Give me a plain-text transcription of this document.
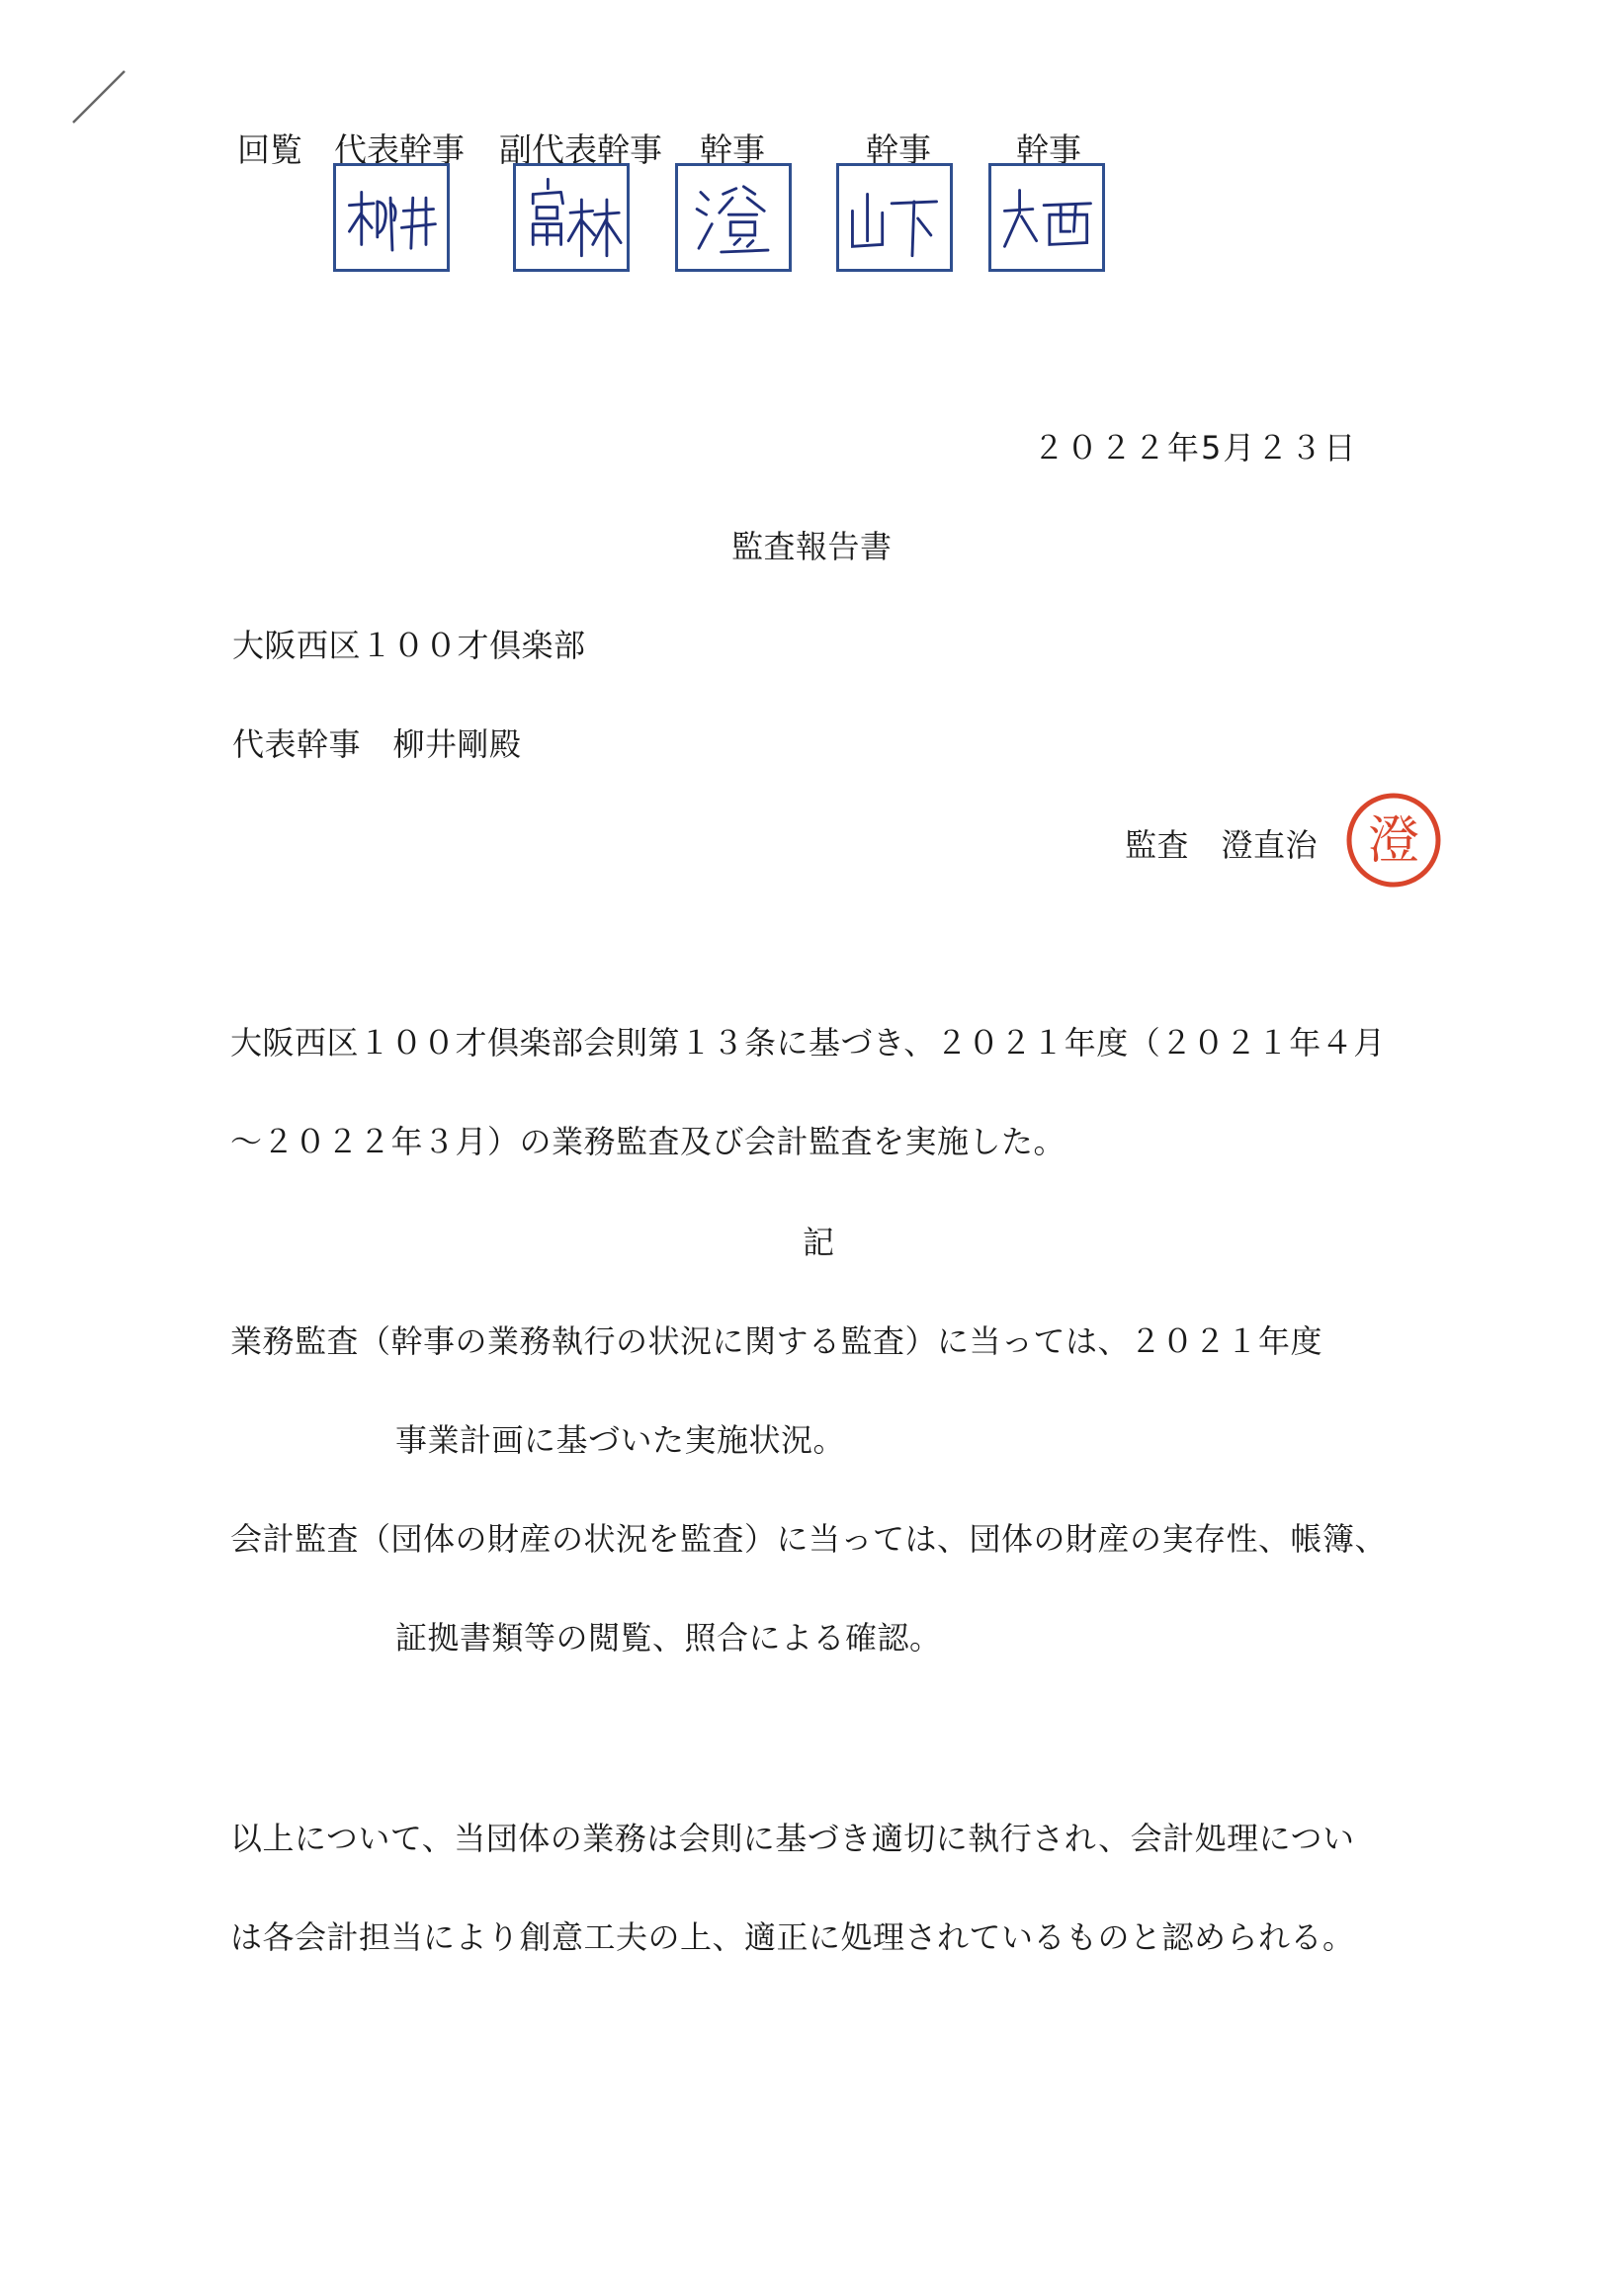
回覧 代表幹事 副代表幹事 幹事	幹事	幹事
２０２２年5月２３日
監査報告書
大阪西区１００才倶楽部
代表幹事　柳井剛殿
監査　澄直治 澄
大阪西区１００才倶楽部会則第１３条に基づき、２０２１年度（２０２１年４月
～２０２２年３月）の業務監査及び会計監査を実施した。
記
業務監査（幹事の業務執行の状況に関する監査）に当っては、２０２１年度
事業計画に基づいた実施状況。
会計監査（団体の財産の状況を監査）に当っては、団体の財産の実存性、帳簿、
証拠書類等の閲覧、照合による確認。
以上について、当団体の業務は会則に基づき適切に執行され、会計処理につい
は各会計担当により創意工夫の上、適正に処理されているものと認められる。
